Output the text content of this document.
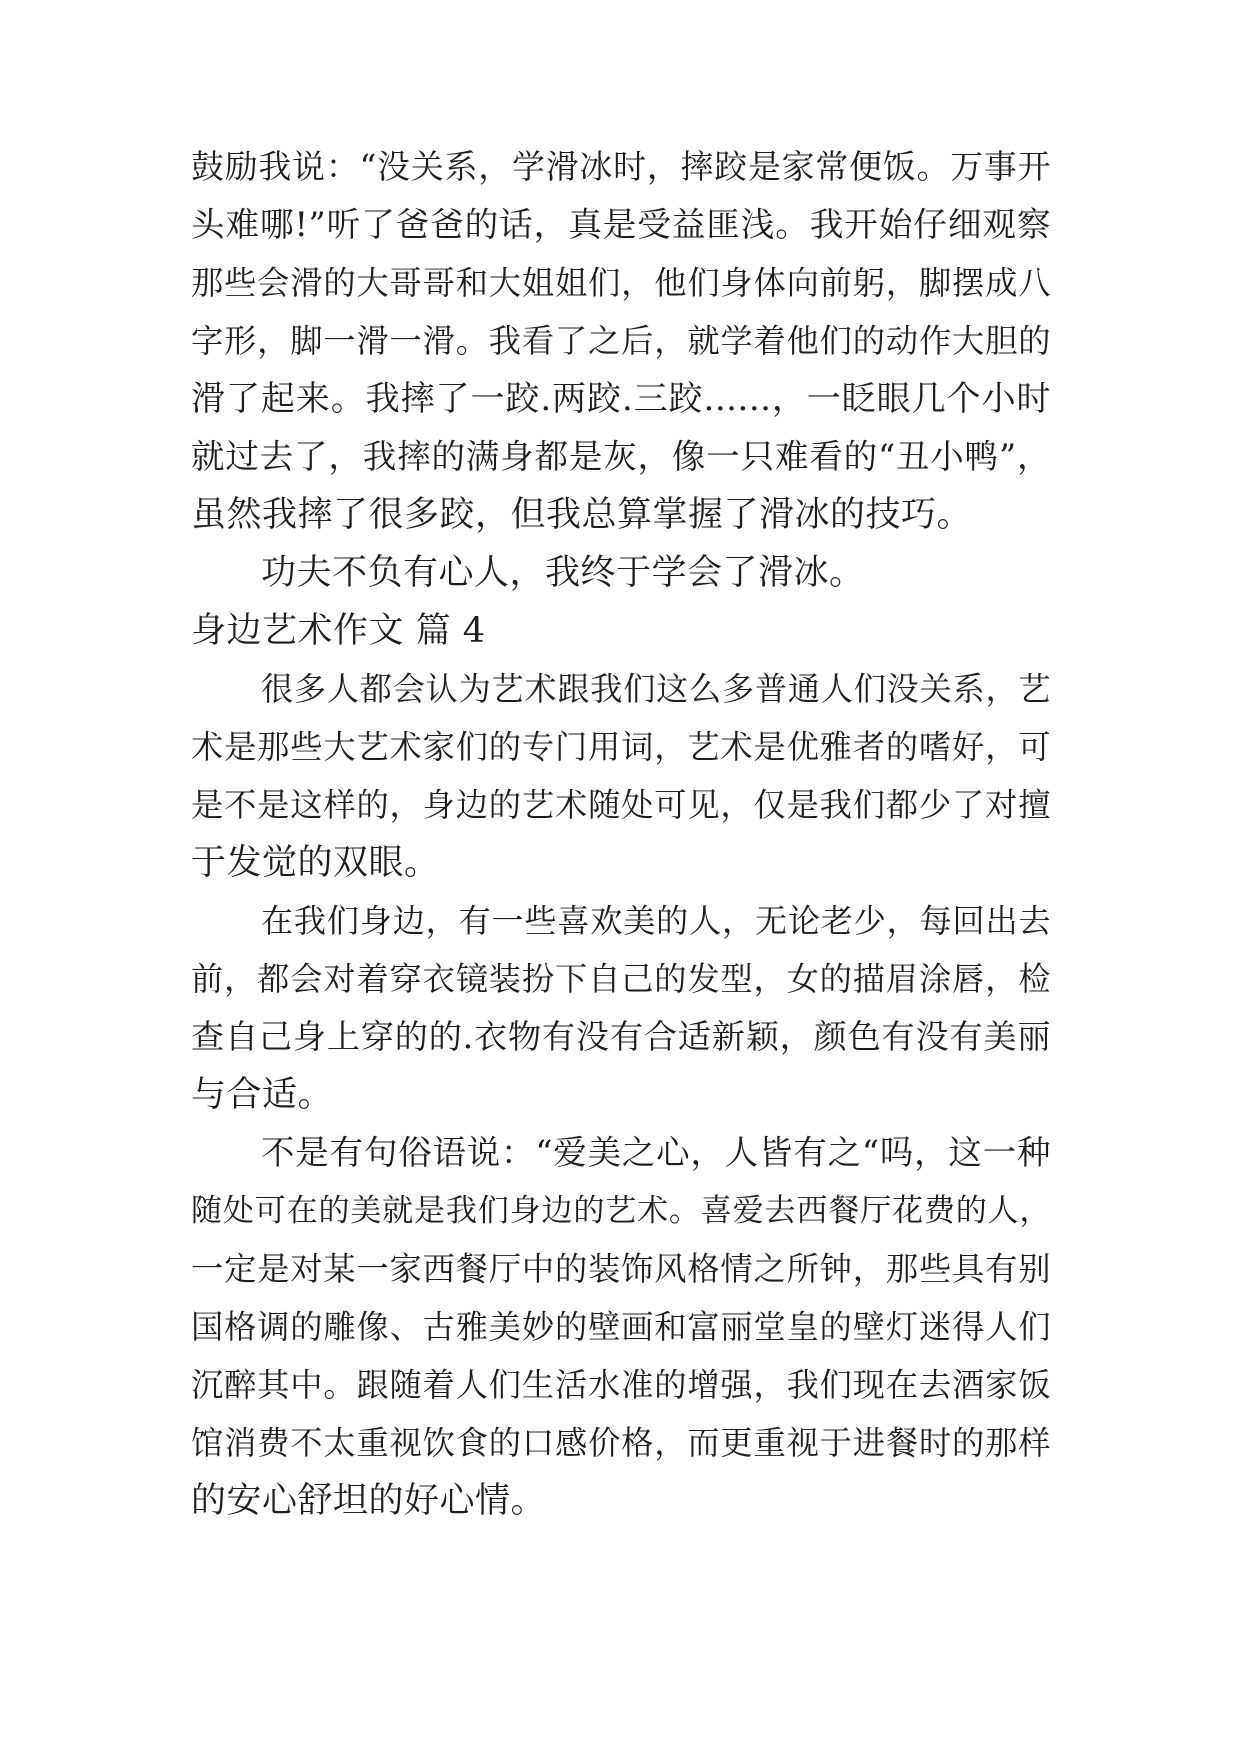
鼓励我说：“没关系，学滑冰时，摔跤是家常便饭。万事开
头难哪!”听了爸爸的话，真是受益匪浅。我开始仔细观察
那些会滑的大哥哥和大姐姐们，他们身体向前躬，脚摆成八
字形，脚一滑一滑。我看了之后，就学着他们的动作大胆的
滑了起来。我摔了一跤.两跤.三跤......，一眨眼几个小时
就过去了，我摔的满身都是灰，像一只难看的“丑小鸭”，
虽然我摔了很多跤，但我总算掌握了滑冰的技巧。
功夫不负有心人，我终于学会了滑冰。
身边艺术作文 篇 4
很多人都会认为艺术跟我们这么多普通人们没关系，艺
术是那些大艺术家们的专门用词，艺术是优雅者的嗜好，可
是不是这样的，身边的艺术随处可见，仅是我们都少了对擅
于发觉的双眼。
在我们身边，有一些喜欢美的人，无论老少，每回出去
前，都会对着穿衣镜装扮下自己的发型，女的描眉涂唇，检
查自己身上穿的的.衣物有没有合适新颖，颜色有没有美丽
与合适。
不是有句俗语说：“爱美之心，人皆有之“吗，这一种
随处可在的美就是我们身边的艺术。喜爱去西餐厅花费的人，
一定是对某一家西餐厅中的装饰风格情之所钟，那些具有别
国格调的雕像、古雅美妙的壁画和富丽堂皇的壁灯迷得人们
沉醉其中。跟随着人们生活水准的增强，我们现在去酒家饭
馆消费不太重视饮食的口感价格，而更重视于进餐时的那样
的安心舒坦的好心情。
